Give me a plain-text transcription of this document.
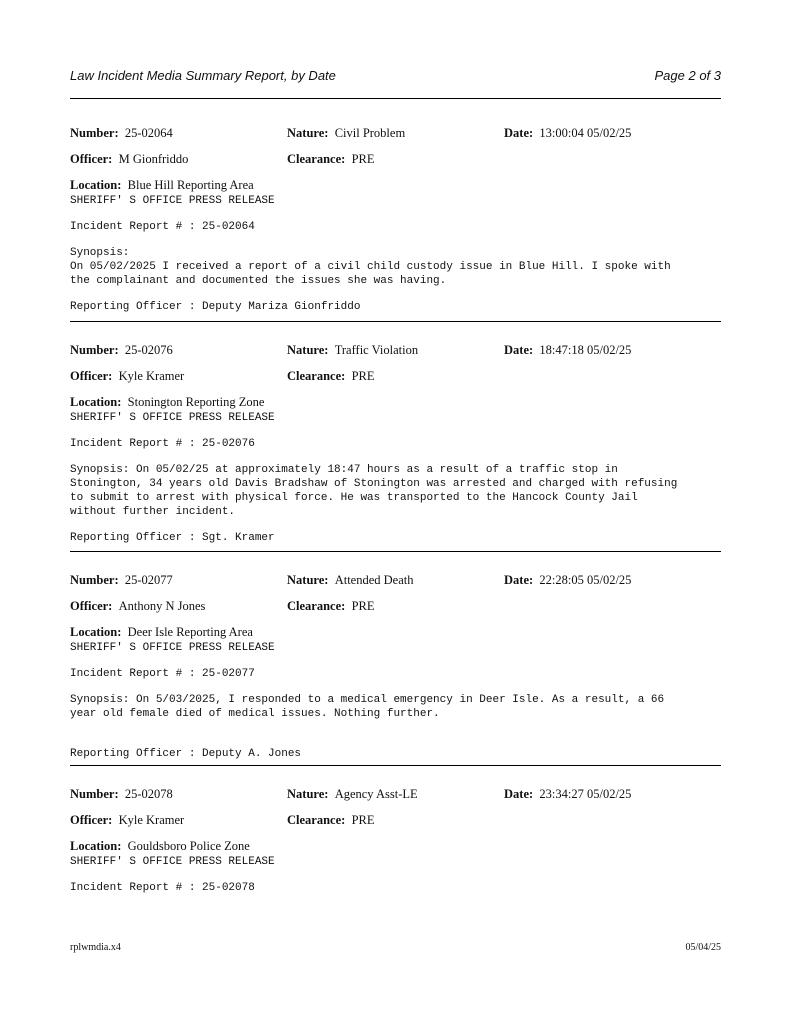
Law Incident Media Summary Report, by Date	Page 2 of 3
Number: 25-02064	Nature: Civil Problem	Date: 13:00:04 05/02/25
Officer: M Gionfriddo	Clearance: PRE
Location: Blue Hill Reporting Area
SHERIFF' S OFFICE PRESS RELEASE
Incident Report # : 25-02064
Synopsis:
On 05/02/2025 I received a report of a civil child custody issue in Blue Hill. I spoke with
the complainant and documented the issues she was having.
Reporting Officer : Deputy Mariza Gionfriddo
Number: 25-02076	Nature: Traffic Violation	Date: 18:47:18 05/02/25
Officer: Kyle Kramer	Clearance: PRE
Location: Stonington Reporting Zone
SHERIFF' S OFFICE PRESS RELEASE
Incident Report # : 25-02076
Synopsis: On 05/02/25 at approximately 18:47 hours as a result of a traffic stop in
Stonington, 34 years old Davis Bradshaw of Stonington was arrested and charged with refusing
to submit to arrest with physical force. He was transported to the Hancock County Jail
without further incident.
Reporting Officer : Sgt. Kramer
Number: 25-02077	Nature: Attended Death	Date: 22:28:05 05/02/25
Officer: Anthony N Jones	Clearance: PRE
Location: Deer Isle Reporting Area
SHERIFF' S OFFICE PRESS RELEASE
Incident Report # : 25-02077
Synopsis: On 5/03/2025, I responded to a medical emergency in Deer Isle. As a result, a 66
year old female died of medical issues. Nothing further.
Reporting Officer : Deputy A. Jones
Number: 25-02078	Nature: Agency Asst-LE	Date: 23:34:27 05/02/25
Officer: Kyle Kramer	Clearance: PRE
Location: Gouldsboro Police Zone
SHERIFF' S OFFICE PRESS RELEASE
Incident Report # : 25-02078
rplwmdia.x4	05/04/25
